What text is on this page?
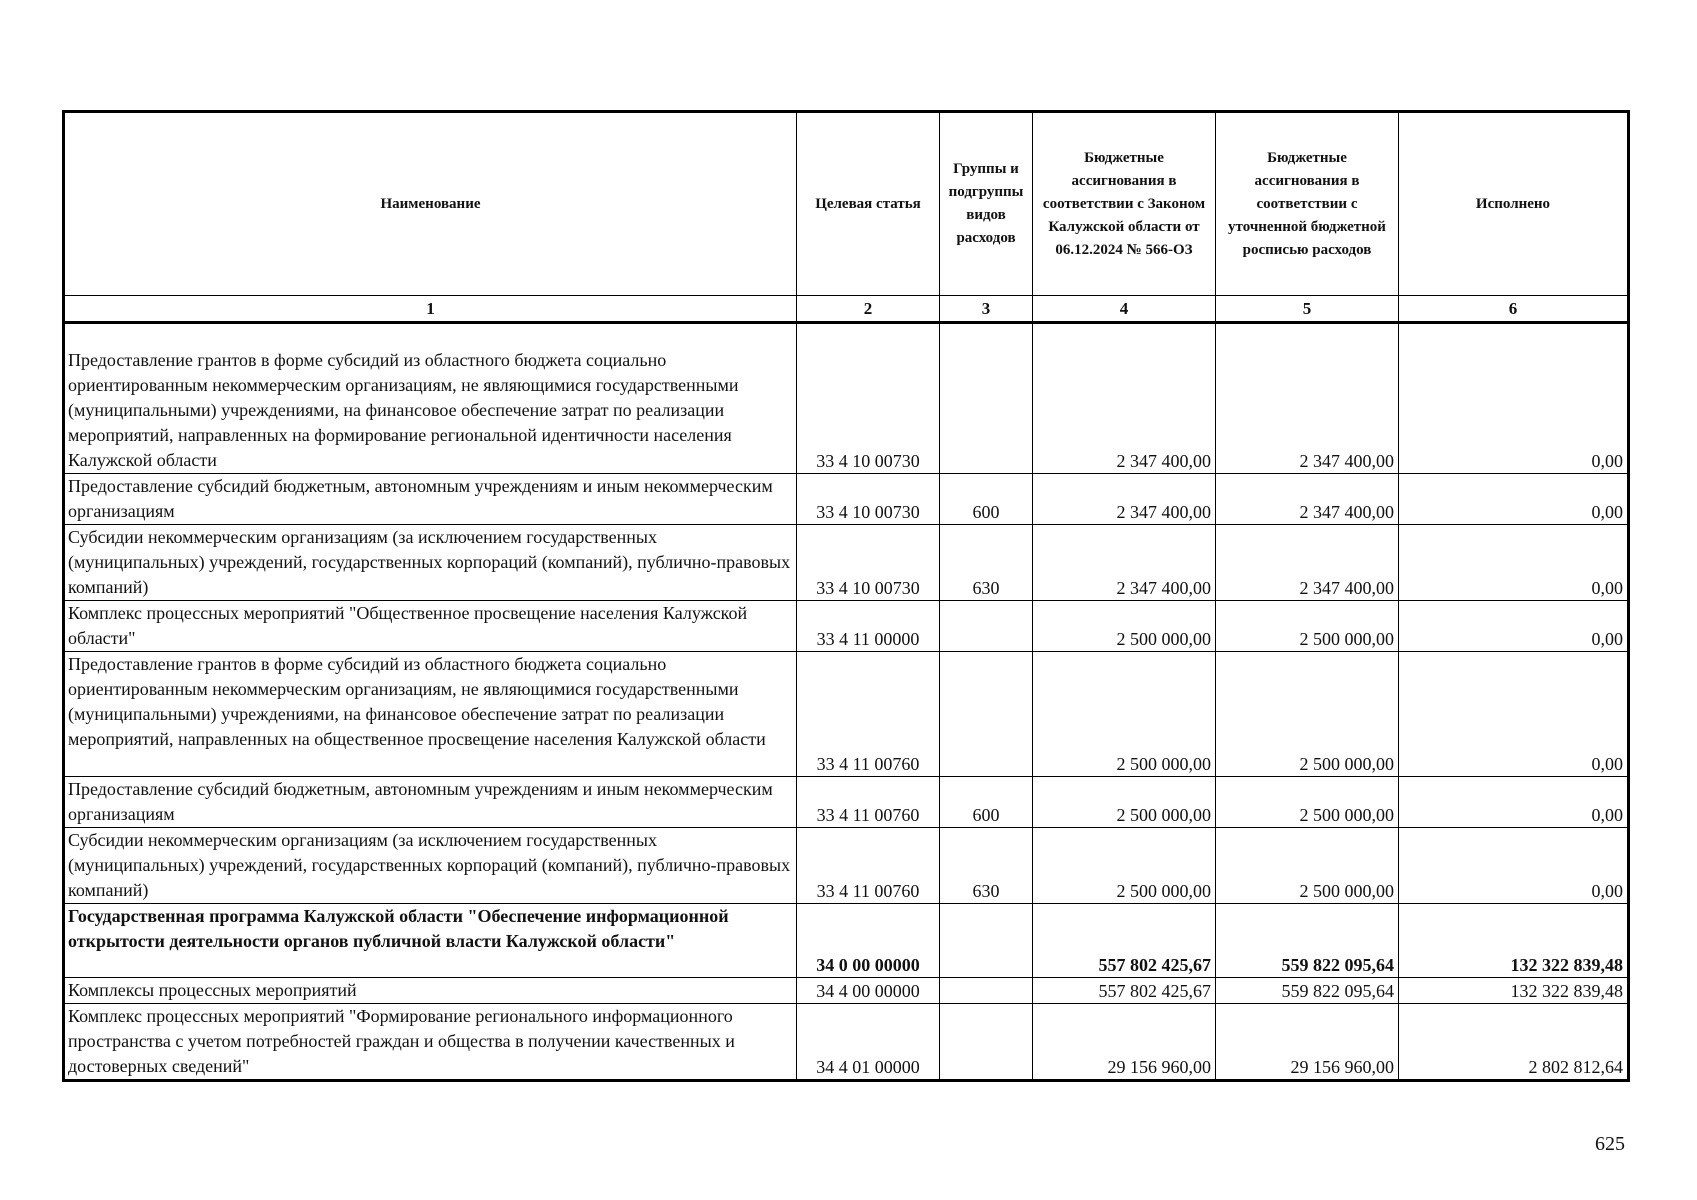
Наименование	Целевая статья	Группы и подгруппы видов расходов	Бюджетные ассигнования в соответствии с Законом Калужской области от 06.12.2024 № 566-ОЗ	Бюджетные ассигнования в соответствии с уточненной бюджетной росписью расходов	Исполнено
1	2	3	4	5	6
Предоставление грантов в форме субсидий из областного бюджета социально ориентированным некоммерческим организациям, не являющимися государственными (муниципальными) учреждениями, на финансовое обеспечение затрат по реализации мероприятий, направленных на формирование региональной идентичности населения Калужской области	33 4 10 00730		2 347 400,00	2 347 400,00	0,00
Предоставление субсидий бюджетным, автономным учреждениям и иным некоммерческим организациям	33 4 10 00730	600	2 347 400,00	2 347 400,00	0,00
Субсидии некоммерческим организациям (за исключением государственных (муниципальных) учреждений, государственных корпораций (компаний), публично-правовых компаний)	33 4 10 00730	630	2 347 400,00	2 347 400,00	0,00
Комплекс процессных мероприятий "Общественное просвещение населения Калужской области"	33 4 11 00000		2 500 000,00	2 500 000,00	0,00
Предоставление грантов в форме субсидий из областного бюджета социально ориентированным некоммерческим организациям, не являющимися государственными (муниципальными) учреждениями, на финансовое обеспечение затрат по реализации мероприятий, направленных на общественное просвещение населения Калужской области	33 4 11 00760		2 500 000,00	2 500 000,00	0,00
Предоставление субсидий бюджетным, автономным учреждениям и иным некоммерческим организациям	33 4 11 00760	600	2 500 000,00	2 500 000,00	0,00
Субсидии некоммерческим организациям (за исключением государственных (муниципальных) учреждений, государственных корпораций (компаний), публично-правовых компаний)	33 4 11 00760	630	2 500 000,00	2 500 000,00	0,00
Государственная программа Калужской области "Обеспечение информационной открытости деятельности органов публичной власти Калужской области"	34 0 00 00000		557 802 425,67	559 822 095,64	132 322 839,48
Комплексы процессных мероприятий	34 4 00 00000		557 802 425,67	559 822 095,64	132 322 839,48
Комплекс процессных мероприятий "Формирование регионального информационного пространства с учетом потребностей граждан и общества в получении качественных и достоверных сведений"	34 4 01 00000		29 156 960,00	29 156 960,00	2 802 812,64
625
